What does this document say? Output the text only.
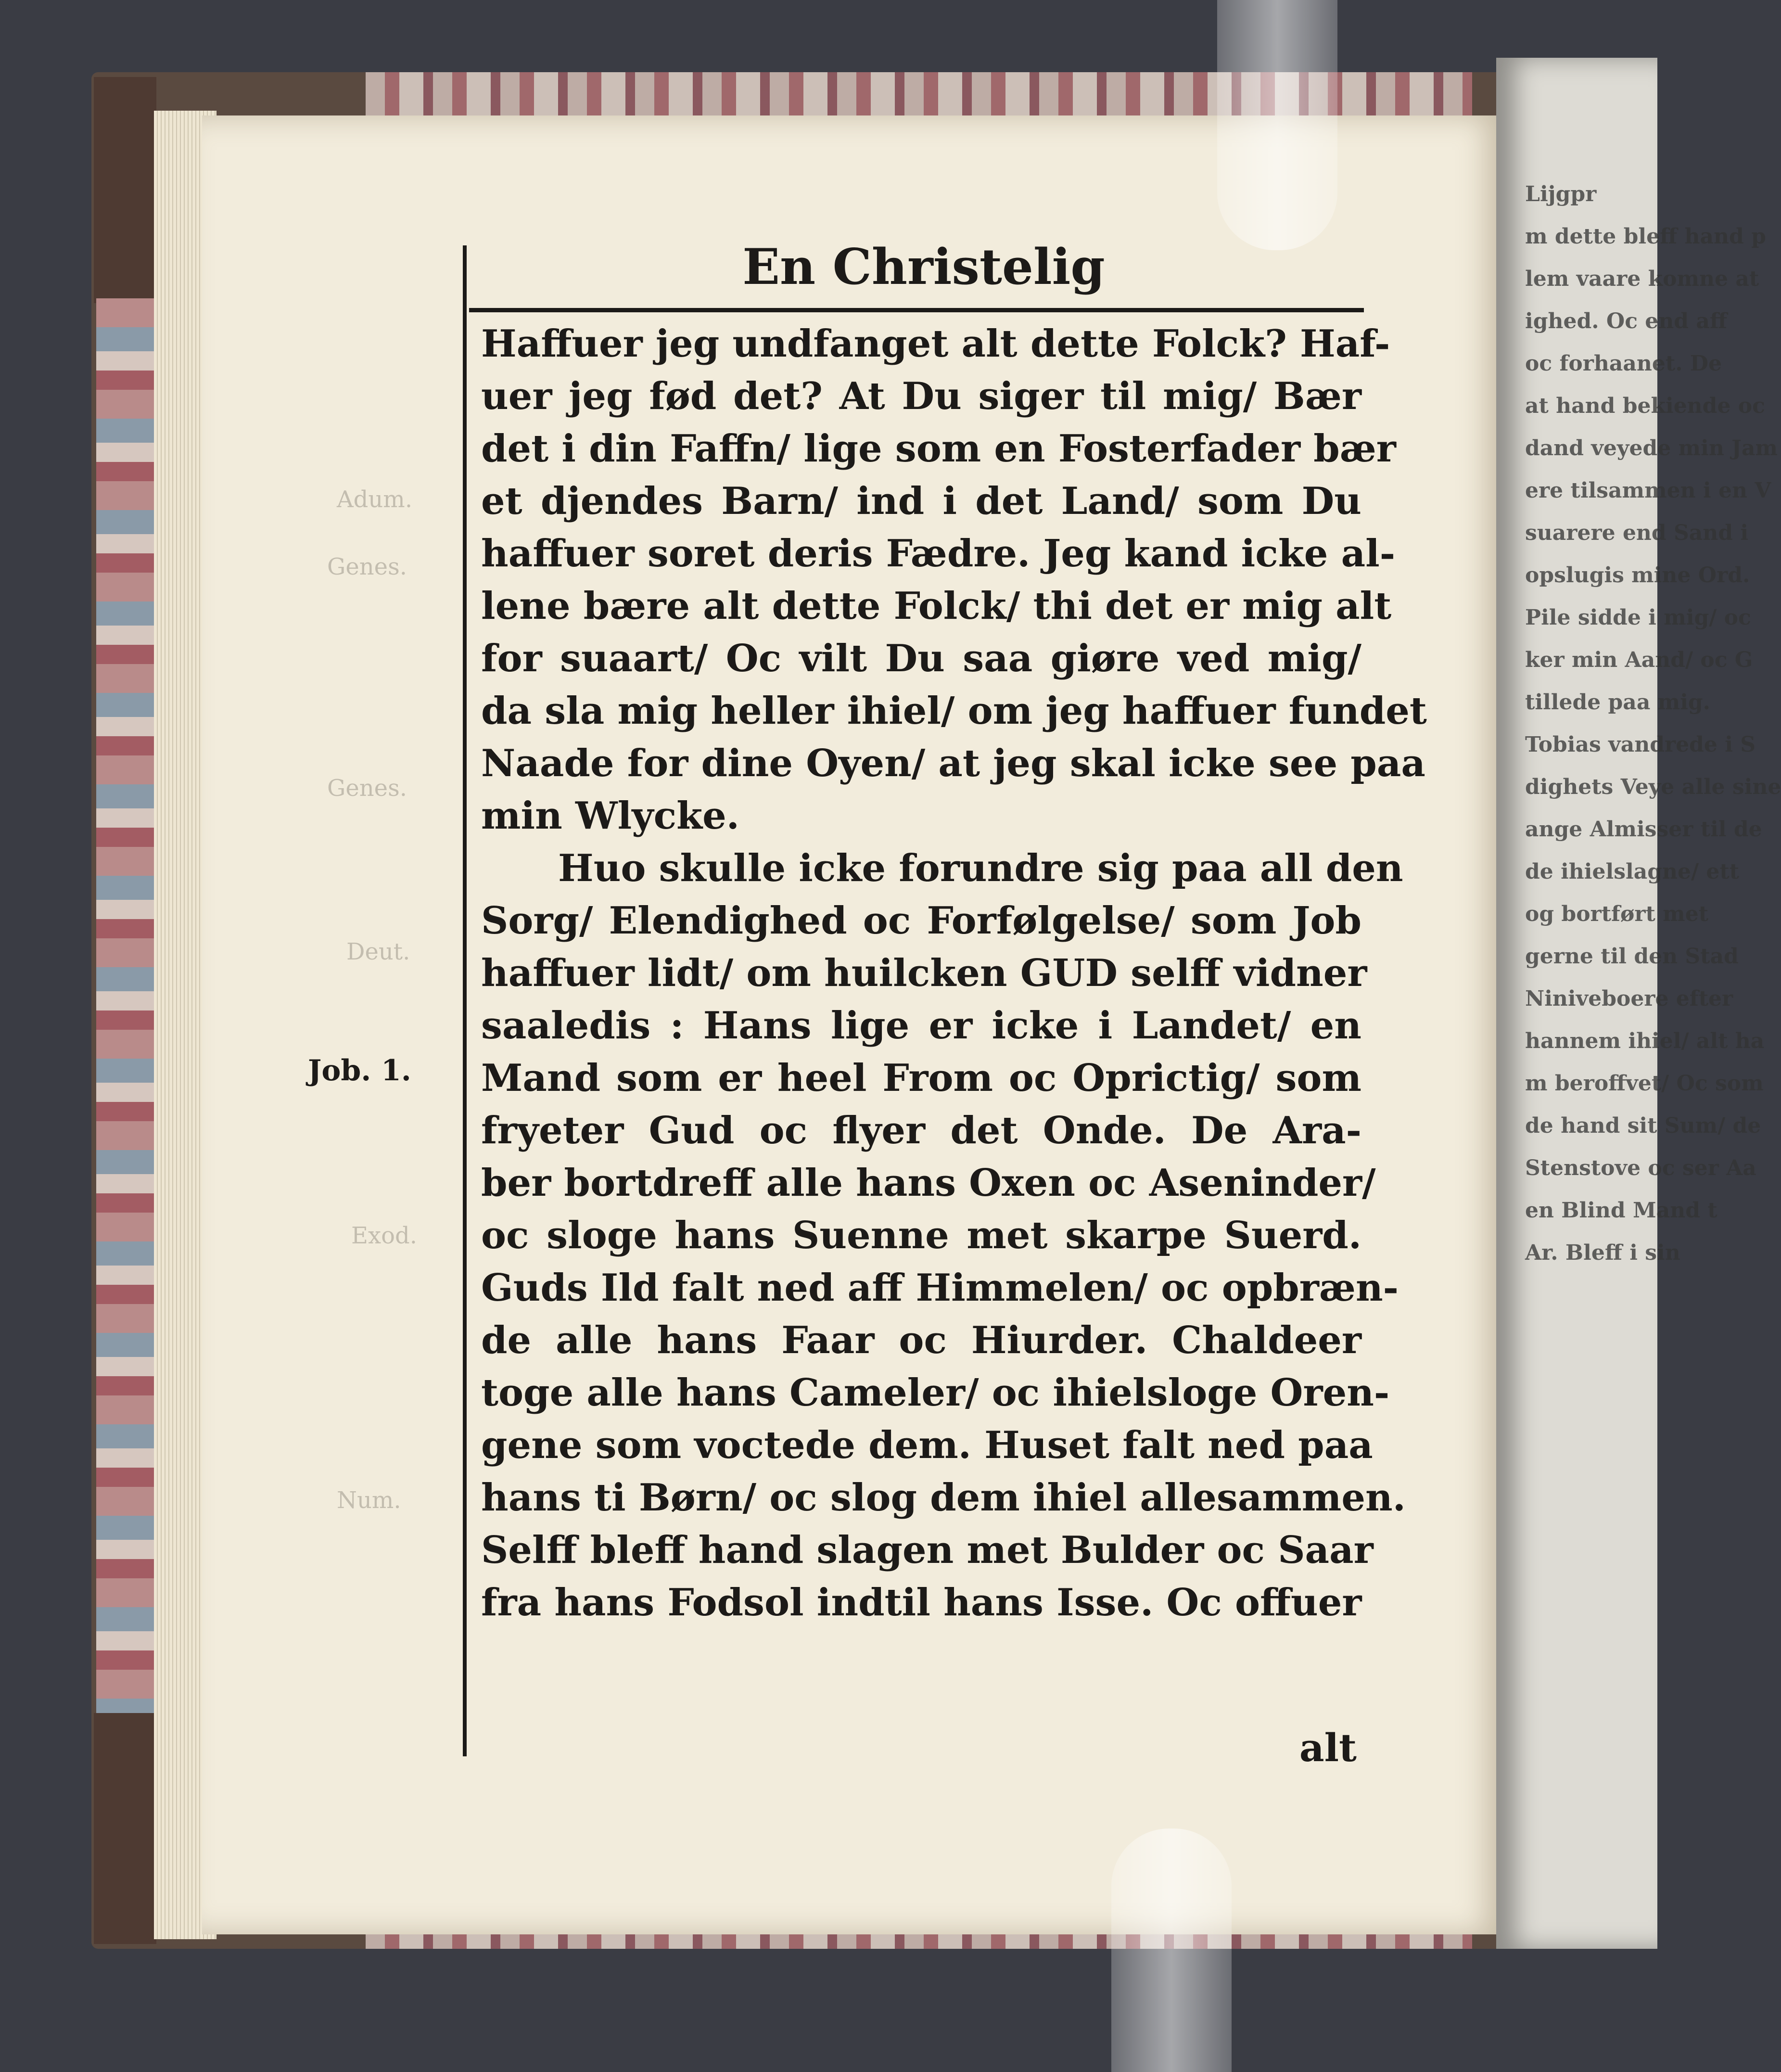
Lijgpr
m dette bleff hand p
lem vaare komne at
ighed. Oc end aff
oc forhaanet. De
at hand bekiende oc
dand veyede min Jam
ere tilsammen i en V
suarere end Sand i
opslugis mine Ord.
Pile sidde i mig/ oc
ker min Aand/ oc G
tillede paa mig.
Tobias vandrede i S
dighets Veye alle sine
ange Almisser til de
de ihielslagne/ ett
og bortført met
gerne til den Stad
Niniveboere efter
hannem ihiel/ alt ha
m beroffvet/ Oc som
de hand sit Sum/ de
Stenstove oc ser Aa
en Blind Mand t
Ar. Bleff i sin
Adum.
Genes.
Genes.
Deut.
Exod.
Num.
En Christelig
Job. 1.
Haffuer jeg undfanget alt dette Folck? Haf-
uer jeg fød det? At Du siger til mig/ Bær
det i din Faffn/ lige som en Fosterfader bær
et djendes Barn/ ind i det Land/ som Du
haffuer soret deris Fædre. Jeg kand icke al-
lene bære alt dette Folck/ thi det er mig alt
for suaart/ Oc vilt Du saa giøre ved mig/
da sla mig heller ihiel/ om jeg haffuer fundet
Naade for dine Oyen/ at jeg skal icke see paa
min Wlycke.
Huo skulle icke forundre sig paa all den
Sorg/ Elendighed oc Forfølgelse/ som Job
haffuer lidt/ om huilcken GUD selff vidner
saaledis : Hans lige er icke i Landet/ en
Mand som er heel From oc Oprictig/ som
fryeter Gud oc flyer det Onde. De Ara-
ber bortdreff alle hans Oxen oc Aseninder/
oc sloge hans Suenne met skarpe Suerd.
Guds Ild falt ned aff Himmelen/ oc opbræn-
de alle hans Faar oc Hiurder. Chaldeer
toge alle hans Cameler/ oc ihielsloge Oren-
gene som voctede dem. Huset falt ned paa
hans ti Børn/ oc slog dem ihiel allesammen.
Selff bleff hand slagen met Bulder oc Saar
fra hans Fodsol indtil hans Isse. Oc offuer
alt
